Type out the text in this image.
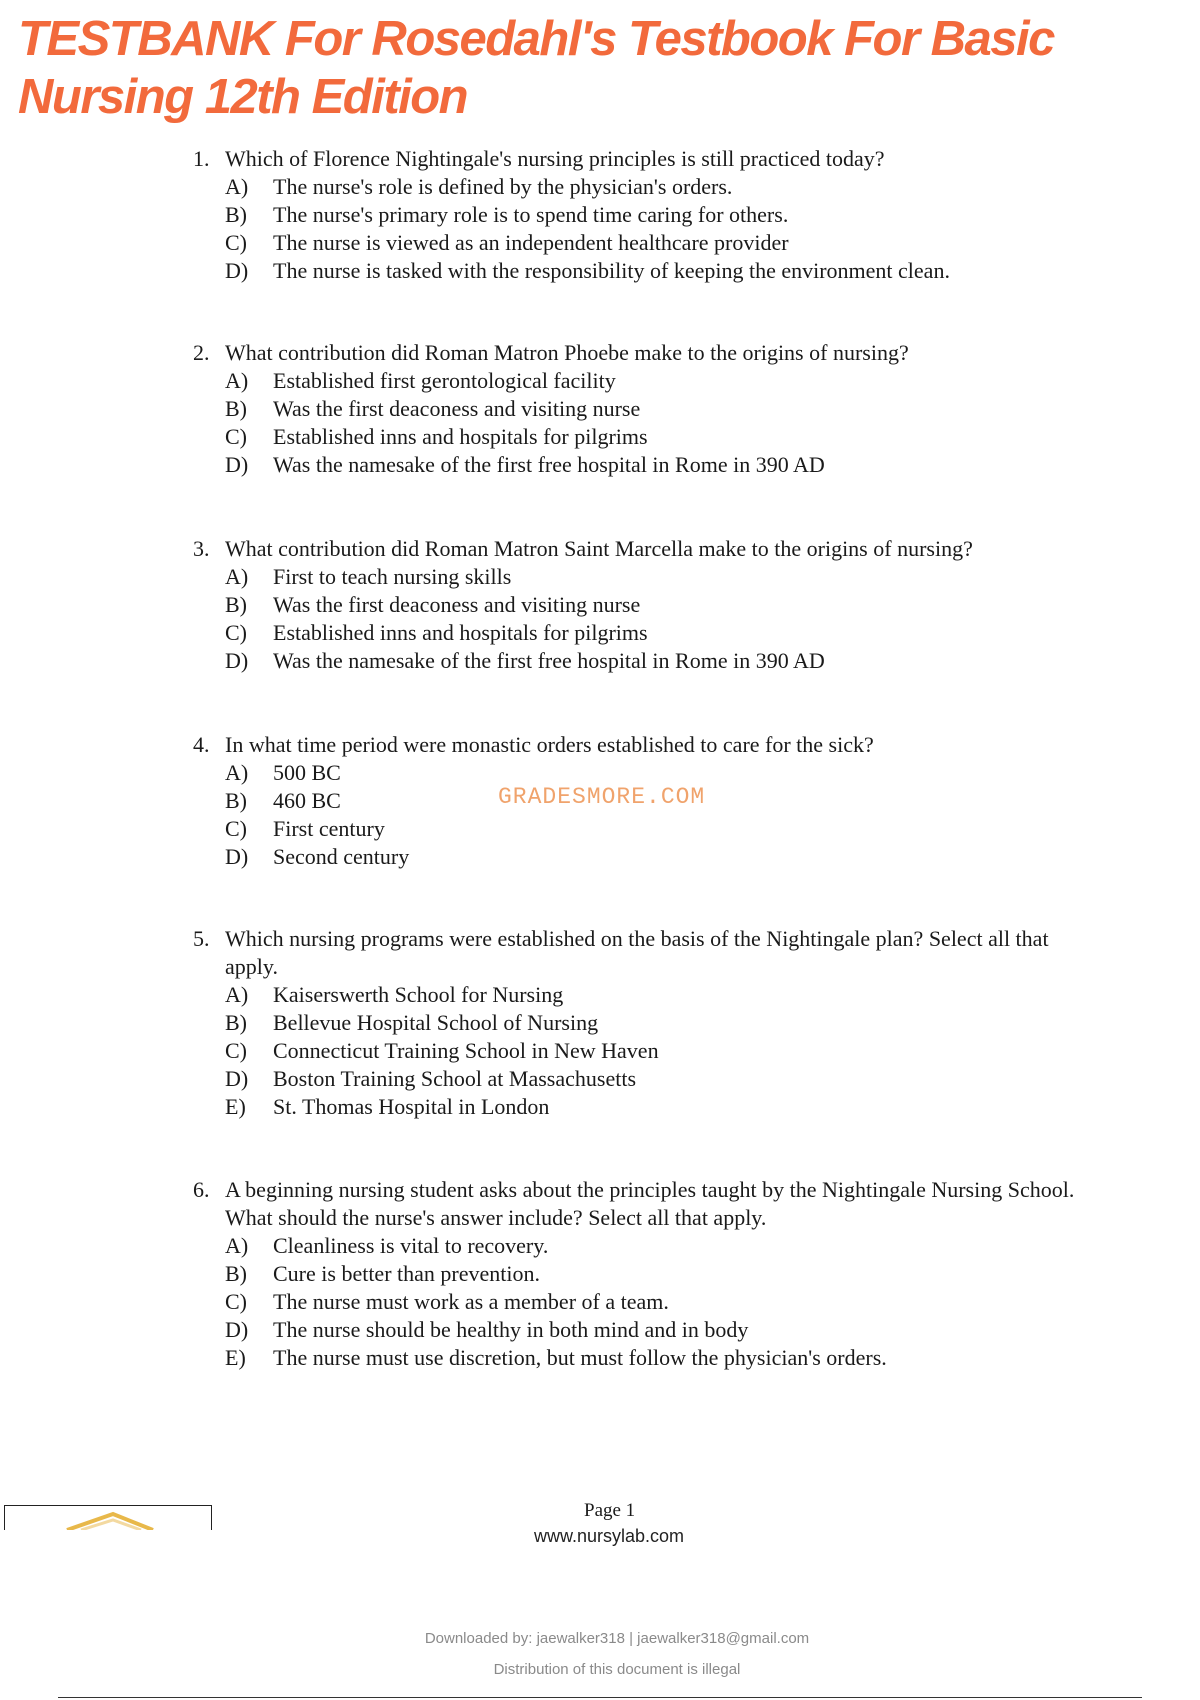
TESTBANK For Rosedahl's Testbook For Basic Nursing 12th Edition
1. Which of Florence Nightingale's nursing principles is still practiced today?
A)	The nurse's role is defined by the physician's orders.
B)	The nurse's primary role is to spend time caring for others.
C)	The nurse is viewed as an independent healthcare provider
D)	The nurse is tasked with the responsibility of keeping the environment clean.
2. What contribution did Roman Matron Phoebe make to the origins of nursing?
A)	Established first gerontological facility
B)	Was the first deaconess and visiting nurse
C)	Established inns and hospitals for pilgrims
D)	Was the namesake of the first free hospital in Rome in 390 AD
3. What contribution did Roman Matron Saint Marcella make to the origins of nursing?
A)	First to teach nursing skills
B)	Was the first deaconess and visiting nurse
C)	Established inns and hospitals for pilgrims
D)	Was the namesake of the first free hospital in Rome in 390 AD
4. In what time period were monastic orders established to care for the sick?
A)	500 BC
B)	460 BC
C)	First century
D)	Second century
GRADESMORE.COM
5. Which nursing programs were established on the basis of the Nightingale plan? Select all that apply.
A)	Kaiserswerth School for Nursing
B)	Bellevue Hospital School of Nursing
C)	Connecticut Training School in New Haven
D)	Boston Training School at Massachusetts
E)	St. Thomas Hospital in London
6. A beginning nursing student asks about the principles taught by the Nightingale Nursing School. What should the nurse's answer include? Select all that apply.
A)	Cleanliness is vital to recovery.
B)	Cure is better than prevention.
C)	The nurse must work as a member of a team.
D)	The nurse should be healthy in both mind and in body
E)	The nurse must use discretion, but must follow the physician's orders.
Page 1
www.nursylab.com
Downloaded by: jaewalker318 | jaewalker318@gmail.com
Distribution of this document is illegal
